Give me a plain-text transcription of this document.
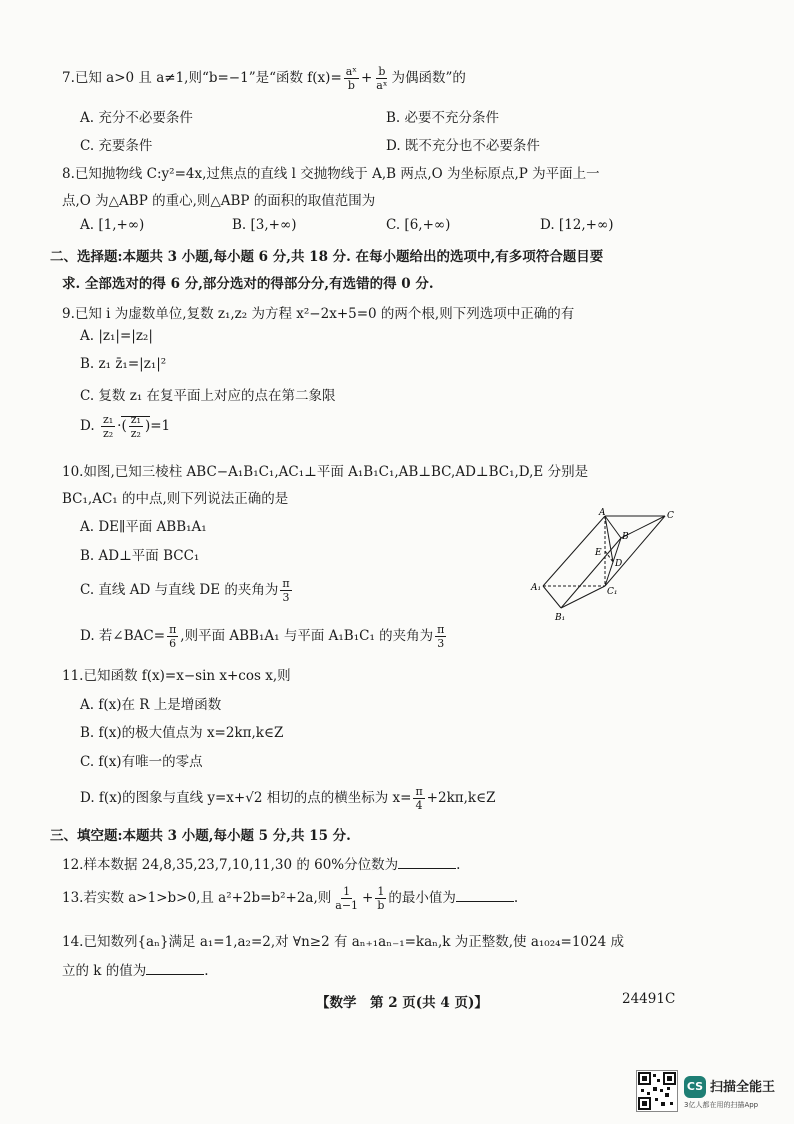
7.已知 a>0 且 a≠1,则“b=−1”是“函数 $f(x)= \frac{\text{aˣ}}{b} + \frac{b}{\text{aˣ}}$ 为偶函数”的
A. 充分不必要条件	B. 必要不充分条件
C. 充要条件	D. 既不充分也不必要条件
8.已知抛物线 C:y²=4x,过焦点的直线 l 交抛物线于 A,B 两点,O 为坐标原点,P 为平面上一
点,O 为△ABP 的重心,则△ABP 的面积的取值范围为
A. [1,+∞)	B. [3,+∞)	C. [6,+∞)	D. [12,+∞)
二、选择题:本题共 3 小题,每小题 6 分,共 18 分. 在每小题给出的选项中,有多项符合题目要
求. 全部选对的得 6 分,部分选对的得部分分,有选错的得 0 分.
9.已知 i 为虚数单位,复数 z₁,z₂ 为方程 x²−2x+5=0 的两个根,则下列选项中正确的有
A. |z₁|=|z₂|
B. z₁ z̄₁=|z₁|²
C. 复数 z₁ 在复平面上对应的点在第二象限
D. $\frac{\text{z₁}}{\text{z₂}}$ ·( $\frac{\text{z₁}}{\text{z₂}} )=1$
10.如图,已知三棱柱 ABC−A₁B₁C₁,AC₁⊥平面 A₁B₁C₁,AB⊥BC,AD⊥BC₁,D,E 分别是
BC₁,AC₁ 的中点,则下列说法正确的是
A. DE∥平面 ABB₁A₁
B. AD⊥平面 BCC₁
C. 直线 AD 与直线 DE 的夹角为 $\frac{\pi}{3}$
D. 若∠BAC= $\frac{\pi}{6}$ ,则平面 ABB₁A₁ 与平面 A₁B₁C₁ 的夹角为 $\frac{\pi}{3}$
A	C
B
E
D
A₁	C₁
B₁
11.已知函数 f(x)=x−sin x+cos x,则
A. f(x)在 R 上是增函数
B. f(x)的极大值点为 x=2kπ,k∈Z
C. f(x)有唯一的零点
D. f(x)的图象与直线 y=x+√2 相切的点的横坐标为 $x= \frac{\pi}{4}$ +2kπ,k∈Z
三、填空题:本题共 3 小题,每小题 5 分,共 15 分.
12.样本数据 24,8,35,23,7,10,11,30 的 60%分位数为	.
13.若实数 a>1>b>0,且 a²+2b=b²+2a,则 $\frac{1}{a-1} + \frac{1}{b}$ 的最小值为	.
14.已知数列{aₙ}满足 a₁=1,a₂=2,对 ∀n≥2 有 aₙ₊₁aₙ₋₁=kaₙ,k 为正整数,使 a₁₀₂₄=1024 成
立的 k 的值为	.
【数学　第 2 页(共 4 页)】	24491C
CS 扫描全能王
3亿人都在用的扫描App
